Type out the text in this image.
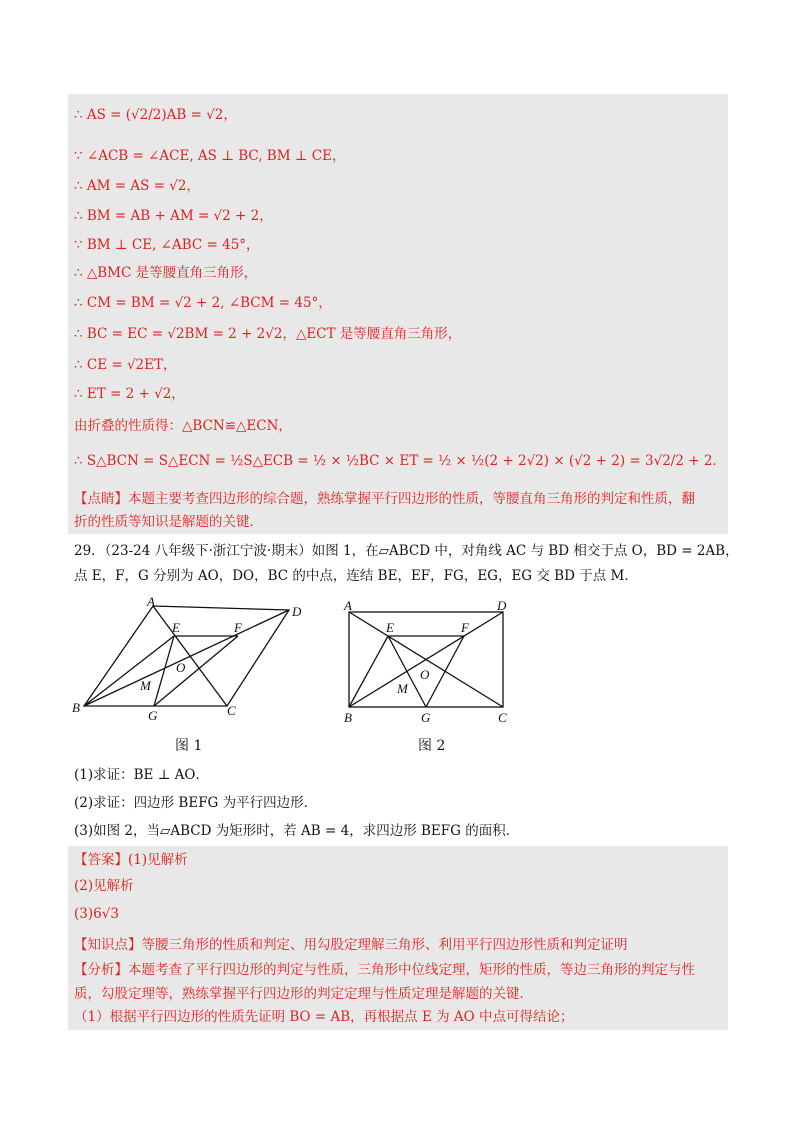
∴ AS = (√2/2)AB = √2，
∵ ∠ACB = ∠ACE, AS ⊥ BC, BM ⊥ CE，
∴ AM = AS = √2，
∴ BM = AB + AM = √2 + 2，
∵ BM ⊥ CE, ∠ABC = 45°，
∴ △BMC 是等腰直角三角形，
∴ CM = BM = √2 + 2, ∠BCM = 45°，
∴ BC = EC = √2BM = 2 + 2√2，△ECT 是等腰直角三角形，
∴ CE = √2ET，
∴ ET = 2 + √2，
由折叠的性质得：△BCN≌△ECN，
∴ S△BCN = S△ECN = ½S△ECB = ½ × ½BC × ET = ½ × ½(2 + 2√2) × (√2 + 2) = 3√2/2 + 2．
【点睛】本题主要考查四边形的综合题，熟练掌握平行四边形的性质，等腰直角三角形的判定和性质，翻
折的性质等知识是解题的关键．
29．（23-24 八年级下·浙江宁波·期末）如图 1，在▱ABCD 中，对角线 AC 与 BD 相交于点 O，BD = 2AB，
点 E，F，G 分别为 AO，DO，BC 的中点，连结 BE，EF，FG，EG，EG 交 BD 于点 M．
A
D
B	C
E	F
G
O
M
图 1
A	D
B	C
E	F
G
O
M
图 2
(1)求证：BE ⊥ AO．
(2)求证：四边形 BEFG 为平行四边形．
(3)如图 2，当▱ABCD 为矩形时，若 AB = 4，求四边形 BEFG 的面积．
【答案】(1)见解析
(2)见解析
(3)6√3
【知识点】等腰三角形的性质和判定、用勾股定理解三角形、利用平行四边形性质和判定证明
【分析】本题考查了平行四边形的判定与性质，三角形中位线定理，矩形的性质，等边三角形的判定与性
质，勾股定理等，熟练掌握平行四边形的判定定理与性质定理是解题的关键．
（1）根据平行四边形的性质先证明 BO = AB，再根据点 E 为 AO 中点可得结论；
